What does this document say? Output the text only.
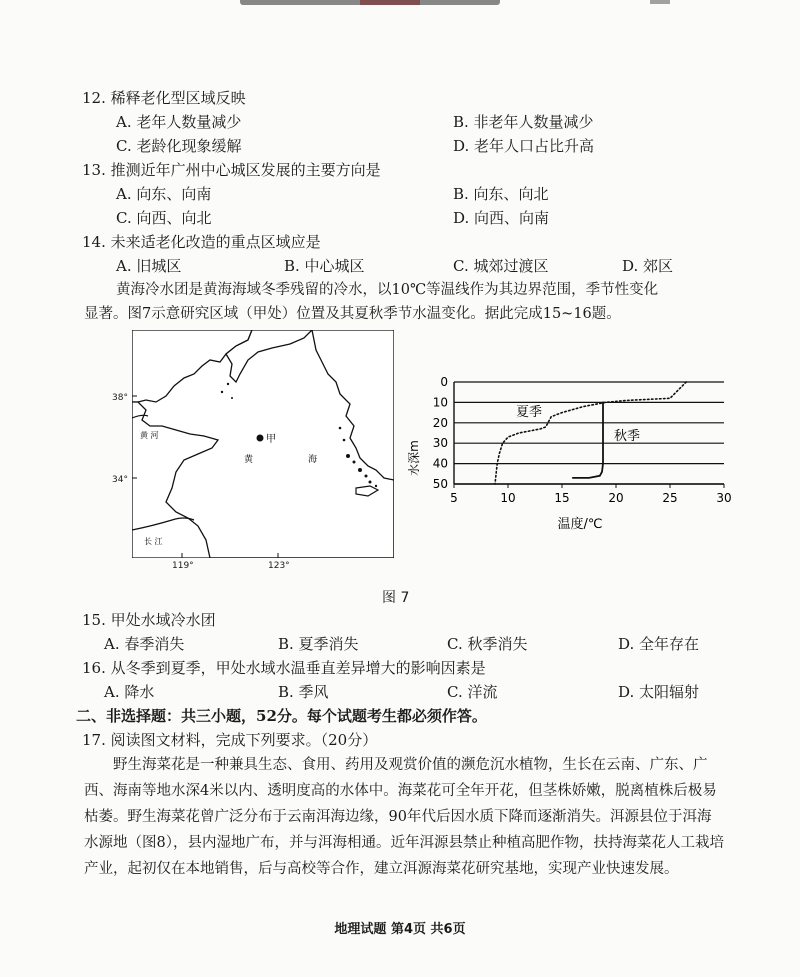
12. 稀释老化型区域反映
A. 老年人数量减少	B. 非老年人数量减少
C. 老龄化现象缓解	D. 老年人口占比升高
13. 推测近年广州中心城区发展的主要方向是
A. 向东、向南	B. 向东、向北
C. 向西、向北	D. 向西、向南
14. 未来适老化改造的重点区域应是
A. 旧城区	B. 中心城区	C. 城郊过渡区	D. 郊区
黄海冷水团是黄海海域冬季残留的冷水，以10℃等温线作为其边界范围，季节性变化
显著。图7示意研究区域（甲处）位置及其夏秋季节水温变化。据此完成15~16题。
甲
黄	海
黄 河
长 江
38°
34°
119°	123°
0
10
20
30
40
50
5	10	15	20	25	30
温度/℃
水深m
夏季
秋季
图 7
15. 甲处水域冷水团
A. 春季消失	B. 夏季消失	C. 秋季消失	D. 全年存在
16. 从冬季到夏季，甲处水域水温垂直差异增大的影响因素是
A. 降水	B. 季风	C. 洋流	D. 太阳辐射
二、非选择题：共三小题，52分。每个试题考生都必须作答。
17. 阅读图文材料，完成下列要求。（20分）

野生海菜花是一种兼具生态、食用、药用及观赏价值的濒危沉水植物，生长在云南、广东、广西、海南等地水深4米以内、透明度高的水体中。海菜花可全年开花，但茎株娇嫩，脱离植株后极易枯萎。野生海菜花曾广泛分布于云南洱海边缘，90年代后因水质下降而逐渐消失。洱源县位于洱海水源地（图8），县内湿地广布，并与洱海相通。近年洱源县禁止种植高肥作物，扶持海菜花人工栽培产业，起初仅在本地销售，后与高校等合作，建立洱源海菜花研究基地，实现产业快速发展。

地理试题 第4页 共6页
